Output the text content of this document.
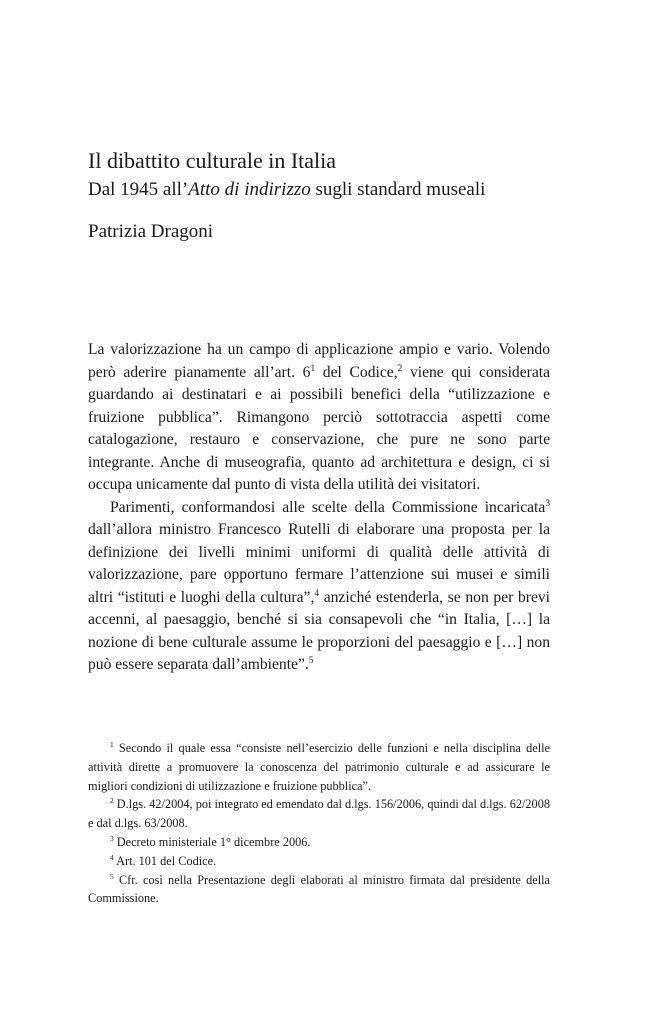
Il dibattito culturale in Italia
Dal 1945 all’Atto di indirizzo sugli standard museali
Patrizia Dragoni

La valorizzazione ha un campo di applicazione ampio e vario. Volendo però aderire pianamente all’art. $6^1$ del Codice,$^2$ viene qui considerata guardando ai destinatari e ai possibili benefici della “utilizzazione e fruizione pubblica”. Rimangono perciò sottotraccia aspetti come catalogazione, restauro e conservazione, che pure ne sono parte integrante. Anche di museografia, quanto ad architettura e design, ci si occupa unicamente dal punto di vista della utilità dei visitatori.

Parimenti, conformandosi alle scelte della Commissione incaricata$^3$ dall’allora ministro Francesco Rutelli di elaborare una proposta per la definizione dei livelli minimi uniformi di qualità delle attività di valorizzazione, pare opportuno fermare l’attenzione sui musei e simili altri “istituti e luoghi della cultura”,$^4$ anziché estenderla, se non per brevi accenni, al paesaggio, benché si sia consapevoli che “in Italia, […] la nozione di bene culturale assume le proporzioni del paesaggio e […] non può essere separata dall’ambiente”.$^5$

$^1$ Secondo il quale essa “consiste nell’esercizio delle funzioni e nella disciplina delle attività dirette a promuovere la conoscenza del patrimonio culturale e ad assicurare le migliori condizioni di utilizzazione e fruizione pubblica”.

$^2$ D.lgs. 42/2004, poi integrato ed emendato dal d.lgs. 156/2006, quindi dal d.lgs. 62/2008 e dal d.lgs. 63/2008.

$^3$ Decreto ministeriale 1° dicembre 2006.

$^4$ Art. 101 del Codice.

$^5$ Cfr. così nella Presentazione degli elaborati al ministro firmata dal presidente della Commissione.
